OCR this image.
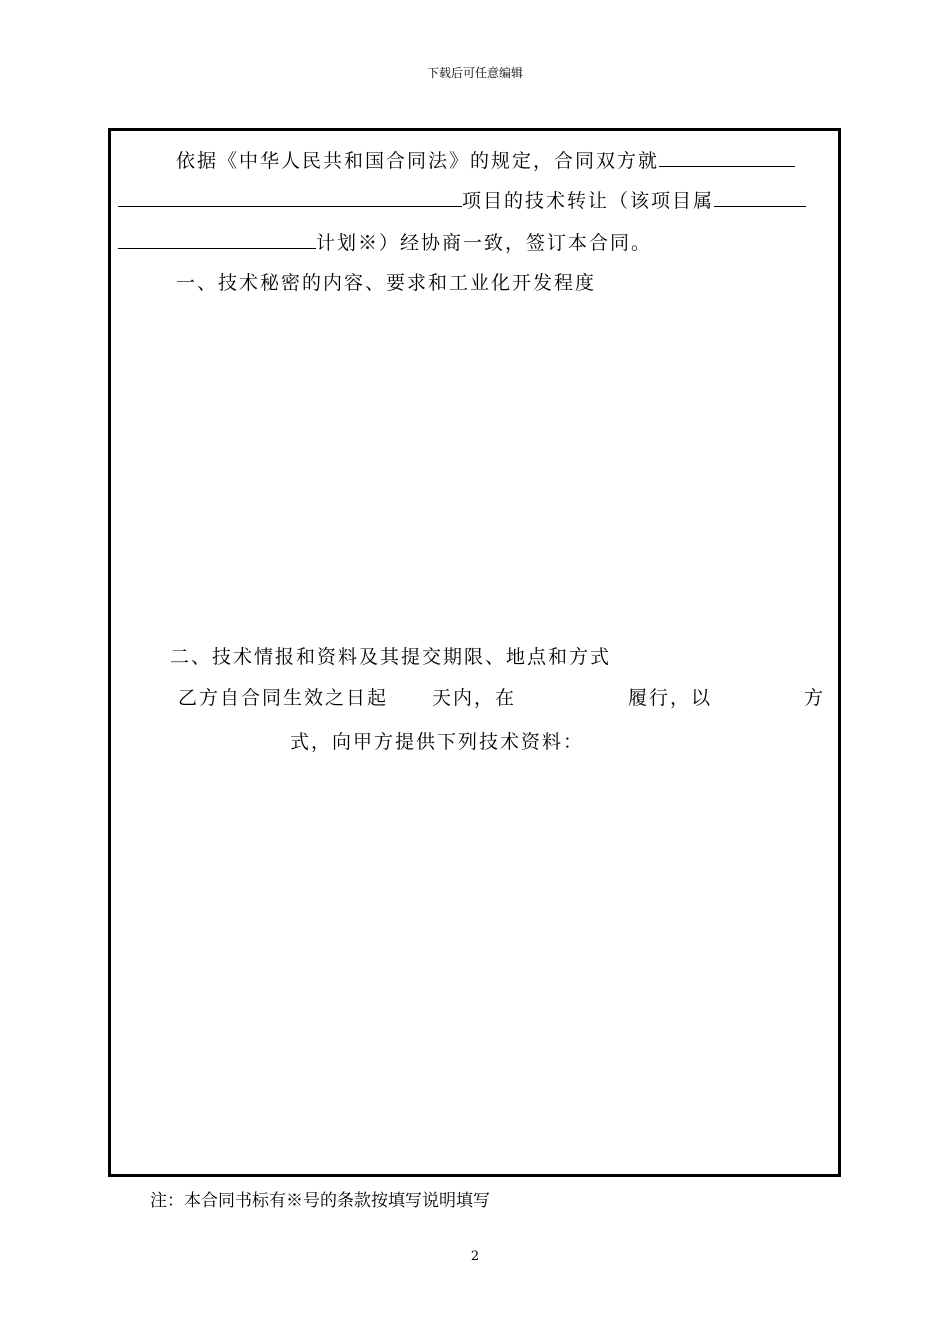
下载后可任意编辑
依据《中华人民共和国合同法》的规定，合同双方就
项目的技术转让（该项目属
计划※）经协商一致，签订本合同。
一、技术秘密的内容、要求和工业化开发程度
二、技术情报和资料及其提交期限、地点和方式
乙方自合同生效之日起 天内，在	履行，以	方
式，向甲方提供下列技术资料：
注：本合同书标有※号的条款按填写说明填写
2
